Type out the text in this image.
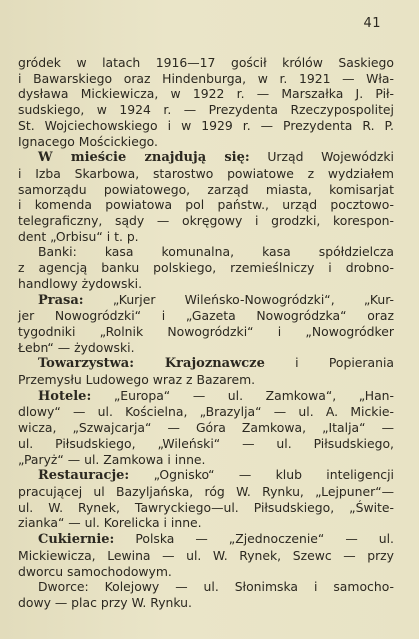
41
gródek w latach 1916—17 gościł królów Saskiego
i Bawarskiego oraz Hindenburga, w r. 1921 — Wła-
dysława Mickiewicza, w 1922 r. — Marszałka J. Pił-
sudskiego, w 1924 r. — Prezydenta Rzeczypospolitej
St. Wojciechowskiego i w 1929 r. — Prezydenta R. P.
Ignacego Mościckiego.
W mieście znajdują się: Urząd Wojewódzki
i Izba Skarbowa, starostwo powiatowe z wydziałem
samorządu powiatowego, zarząd miasta, komisarjat
i komenda powiatowa pol państw., urząd pocztowo-
telegraficzny, sądy — okręgowy i grodzki, korespon-
dent „Orbisu“ i t. p.
Banki: kasa komunalna, kasa spółdzielcza
z agencją banku polskiego, rzemieślniczy i drobno-
handlowy żydowski.
Prasa: „Kurjer Wileńsko-Nowogródzki“, „Kur-
jer Nowogródzki“ i „Gazeta Nowogródzka“ oraz
tygodniki „Rolnik Nowogródzki“ i „Nowogródker
Łebn“ — żydowski.
Towarzystwa: Krajoznawcze i Popierania
Przemysłu Ludowego wraz z Bazarem.
Hotele: „Europa“ — ul. Zamkowa“, „Han-
dlowy“ — ul. Kościelna, „Brazylja“ — ul. A. Mickie-
wicza, „Szwajcarja“ — Góra Zamkowa, „Italja“ —
ul. Piłsudskiego, „Wileński“ — ul. Piłsudskiego,
„Paryż“ — ul. Zamkowa i inne.
Restauracje: „Ognisko“ — klub inteligencji
pracującej ul Bazyljańska, róg W. Rynku, „Lejpuner“—
ul. W. Rynek, Tawryckiego—ul. Piłsudskiego, „Świte-
zianka“ — ul. Korelicka i inne.
Cukiernie: Polska — „Zjednoczenie“ — ul.
Mickiewicza, Lewina — ul. W. Rynek, Szewc — przy
dworcu samochodowym.
Dworce: Kolejowy — ul. Słonimska i samocho-
dowy — plac przy W. Rynku.
